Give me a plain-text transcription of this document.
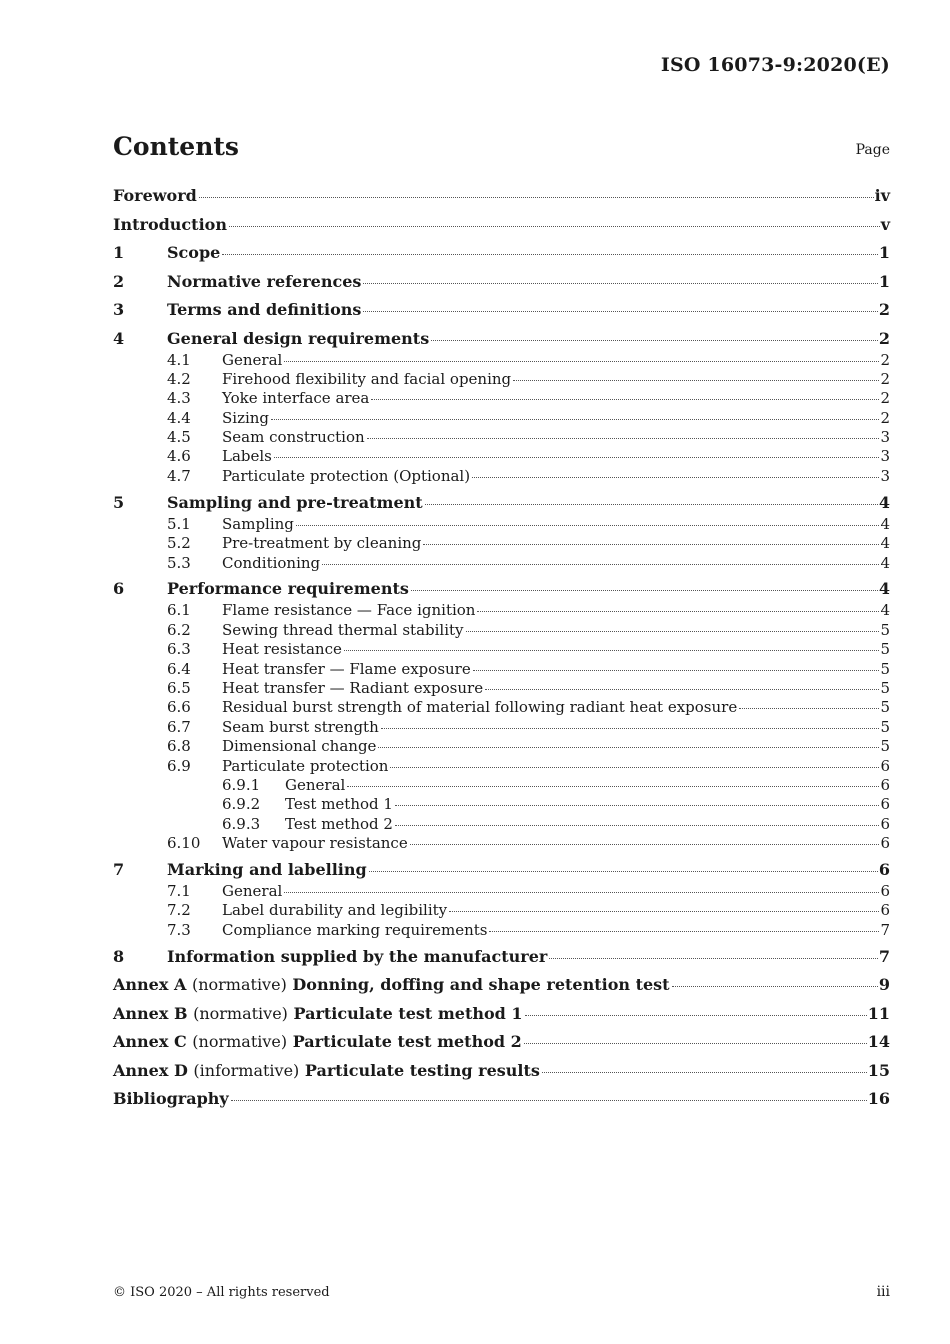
ISO 16073-9:2020(E)
Contents	Page
Foreword	iv
Introduction	v
1	Scope	1
2	Normative references	1
3	Terms and definitions	2
4	General design requirements	2
4.1	General	2
4.2	Firehood flexibility and facial opening	2
4.3	Yoke interface area	2
4.4	Sizing	2
4.5	Seam construction	3
4.6	Labels	3
4.7	Particulate protection (Optional)	3
5	Sampling and pre-treatment	4
5.1	Sampling	4
5.2	Pre-treatment by cleaning	4
5.3	Conditioning	4
6	Performance requirements	4
6.1	Flame resistance — Face ignition	4
6.2	Sewing thread thermal stability	5
6.3	Heat resistance	5
6.4	Heat transfer — Flame exposure	5
6.5	Heat transfer — Radiant exposure	5
6.6	Residual burst strength of material following radiant heat exposure	5
6.7	Seam burst strength	5
6.8	Dimensional change	5
6.9	Particulate protection	6
6.9.1	General	6
6.9.2	Test method 1	6
6.9.3	Test method 2	6
6.10	Water vapour resistance	6
7	Marking and labelling	6
7.1	General	6
7.2	Label durability and legibility	6
7.3	Compliance marking requirements	7
8	Information supplied by the manufacturer	7
Annex A (normative) Donning, doffing and shape retention test	9
Annex B (normative) Particulate test method 1	11
Annex C (normative) Particulate test method 2	14
Annex D (informative) Particulate testing results	15
Bibliography	16
© ISO 2020 – All rights reserved	iii
